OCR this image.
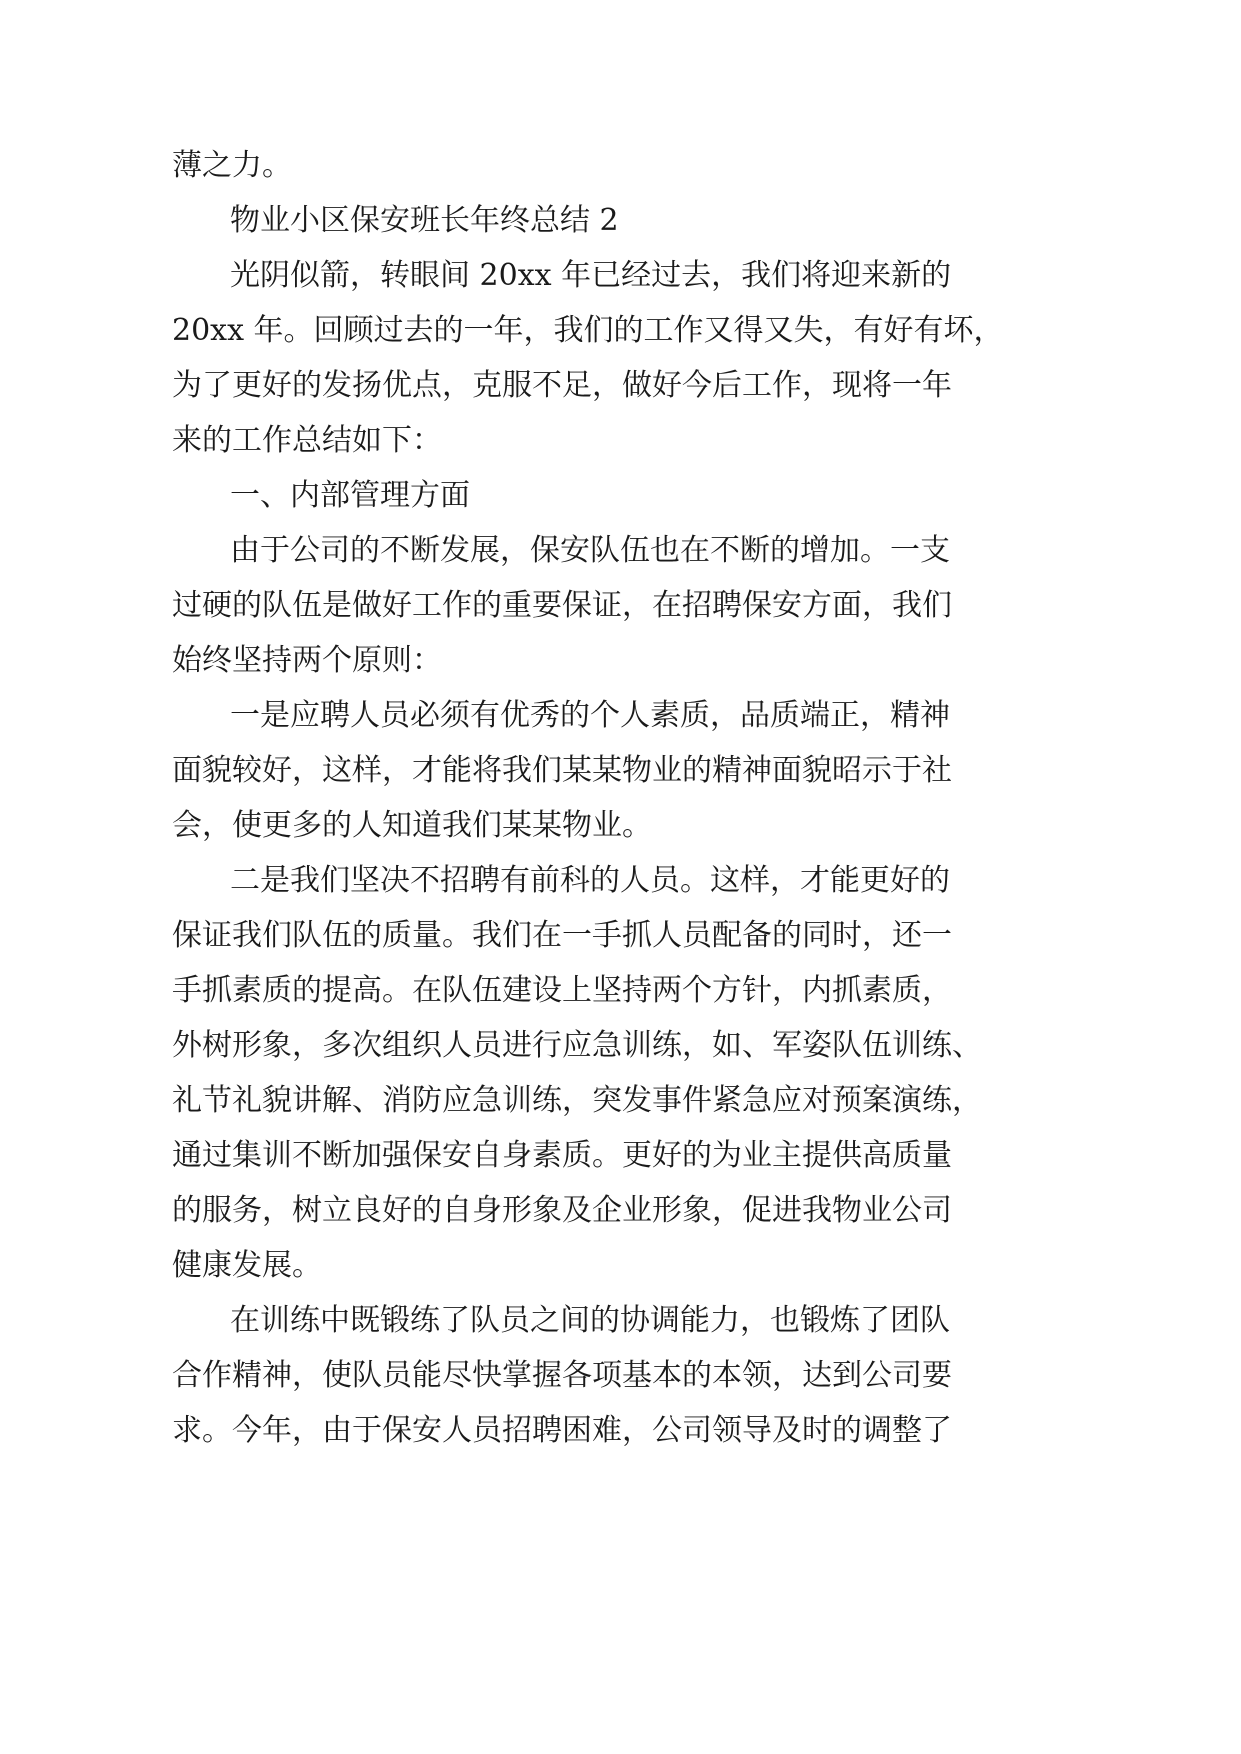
薄之力。
物业小区保安班长年终总结 2
光阴似箭，转眼间 20xx 年已经过去，我们将迎来新的
20xx 年。回顾过去的一年，我们的工作又得又失，有好有坏，
为了更好的发扬优点，克服不足，做好今后工作，现将一年
来的工作总结如下：
一、内部管理方面
由于公司的不断发展，保安队伍也在不断的增加。一支
过硬的队伍是做好工作的重要保证，在招聘保安方面，我们
始终坚持两个原则：
一是应聘人员必须有优秀的个人素质，品质端正，精神
面貌较好，这样，才能将我们某某物业的精神面貌昭示于社
会，使更多的人知道我们某某物业。
二是我们坚决不招聘有前科的人员。这样，才能更好的
保证我们队伍的质量。我们在一手抓人员配备的同时，还一
手抓素质的提高。在队伍建设上坚持两个方针，内抓素质，
外树形象，多次组织人员进行应急训练，如、军姿队伍训练、
礼节礼貌讲解、消防应急训练，突发事件紧急应对预案演练，
通过集训不断加强保安自身素质。更好的为业主提供高质量
的服务，树立良好的自身形象及企业形象，促进我物业公司
健康发展。
在训练中既锻练了队员之间的协调能力，也锻炼了团队
合作精神，使队员能尽快掌握各项基本的本领，达到公司要
求。今年，由于保安人员招聘困难，公司领导及时的调整了
